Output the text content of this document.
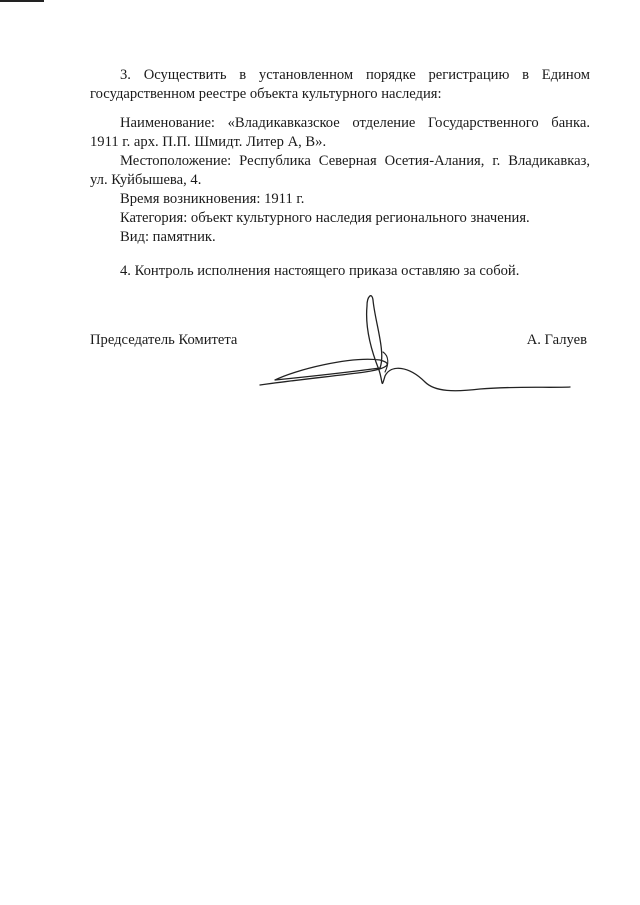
3. Осуществить в установленном порядке регистрацию в Едином

государственном реестре объекта культурного наследия:

Наименование: «Владикавказское отделение Государственного банка.

1911 г. арх. П.П. Шмидт. Литер А, В».

Местоположение: Республика Северная Осетия-Алания, г. Владикавказ,

ул. Куйбышева, 4.

Время возникновения: 1911 г.

Категория: объект культурного наследия регионального значения.

Вид: памятник.

4. Контроль исполнения настоящего приказа оставляю за собой.

Председатель Комитета	А. Галуев
